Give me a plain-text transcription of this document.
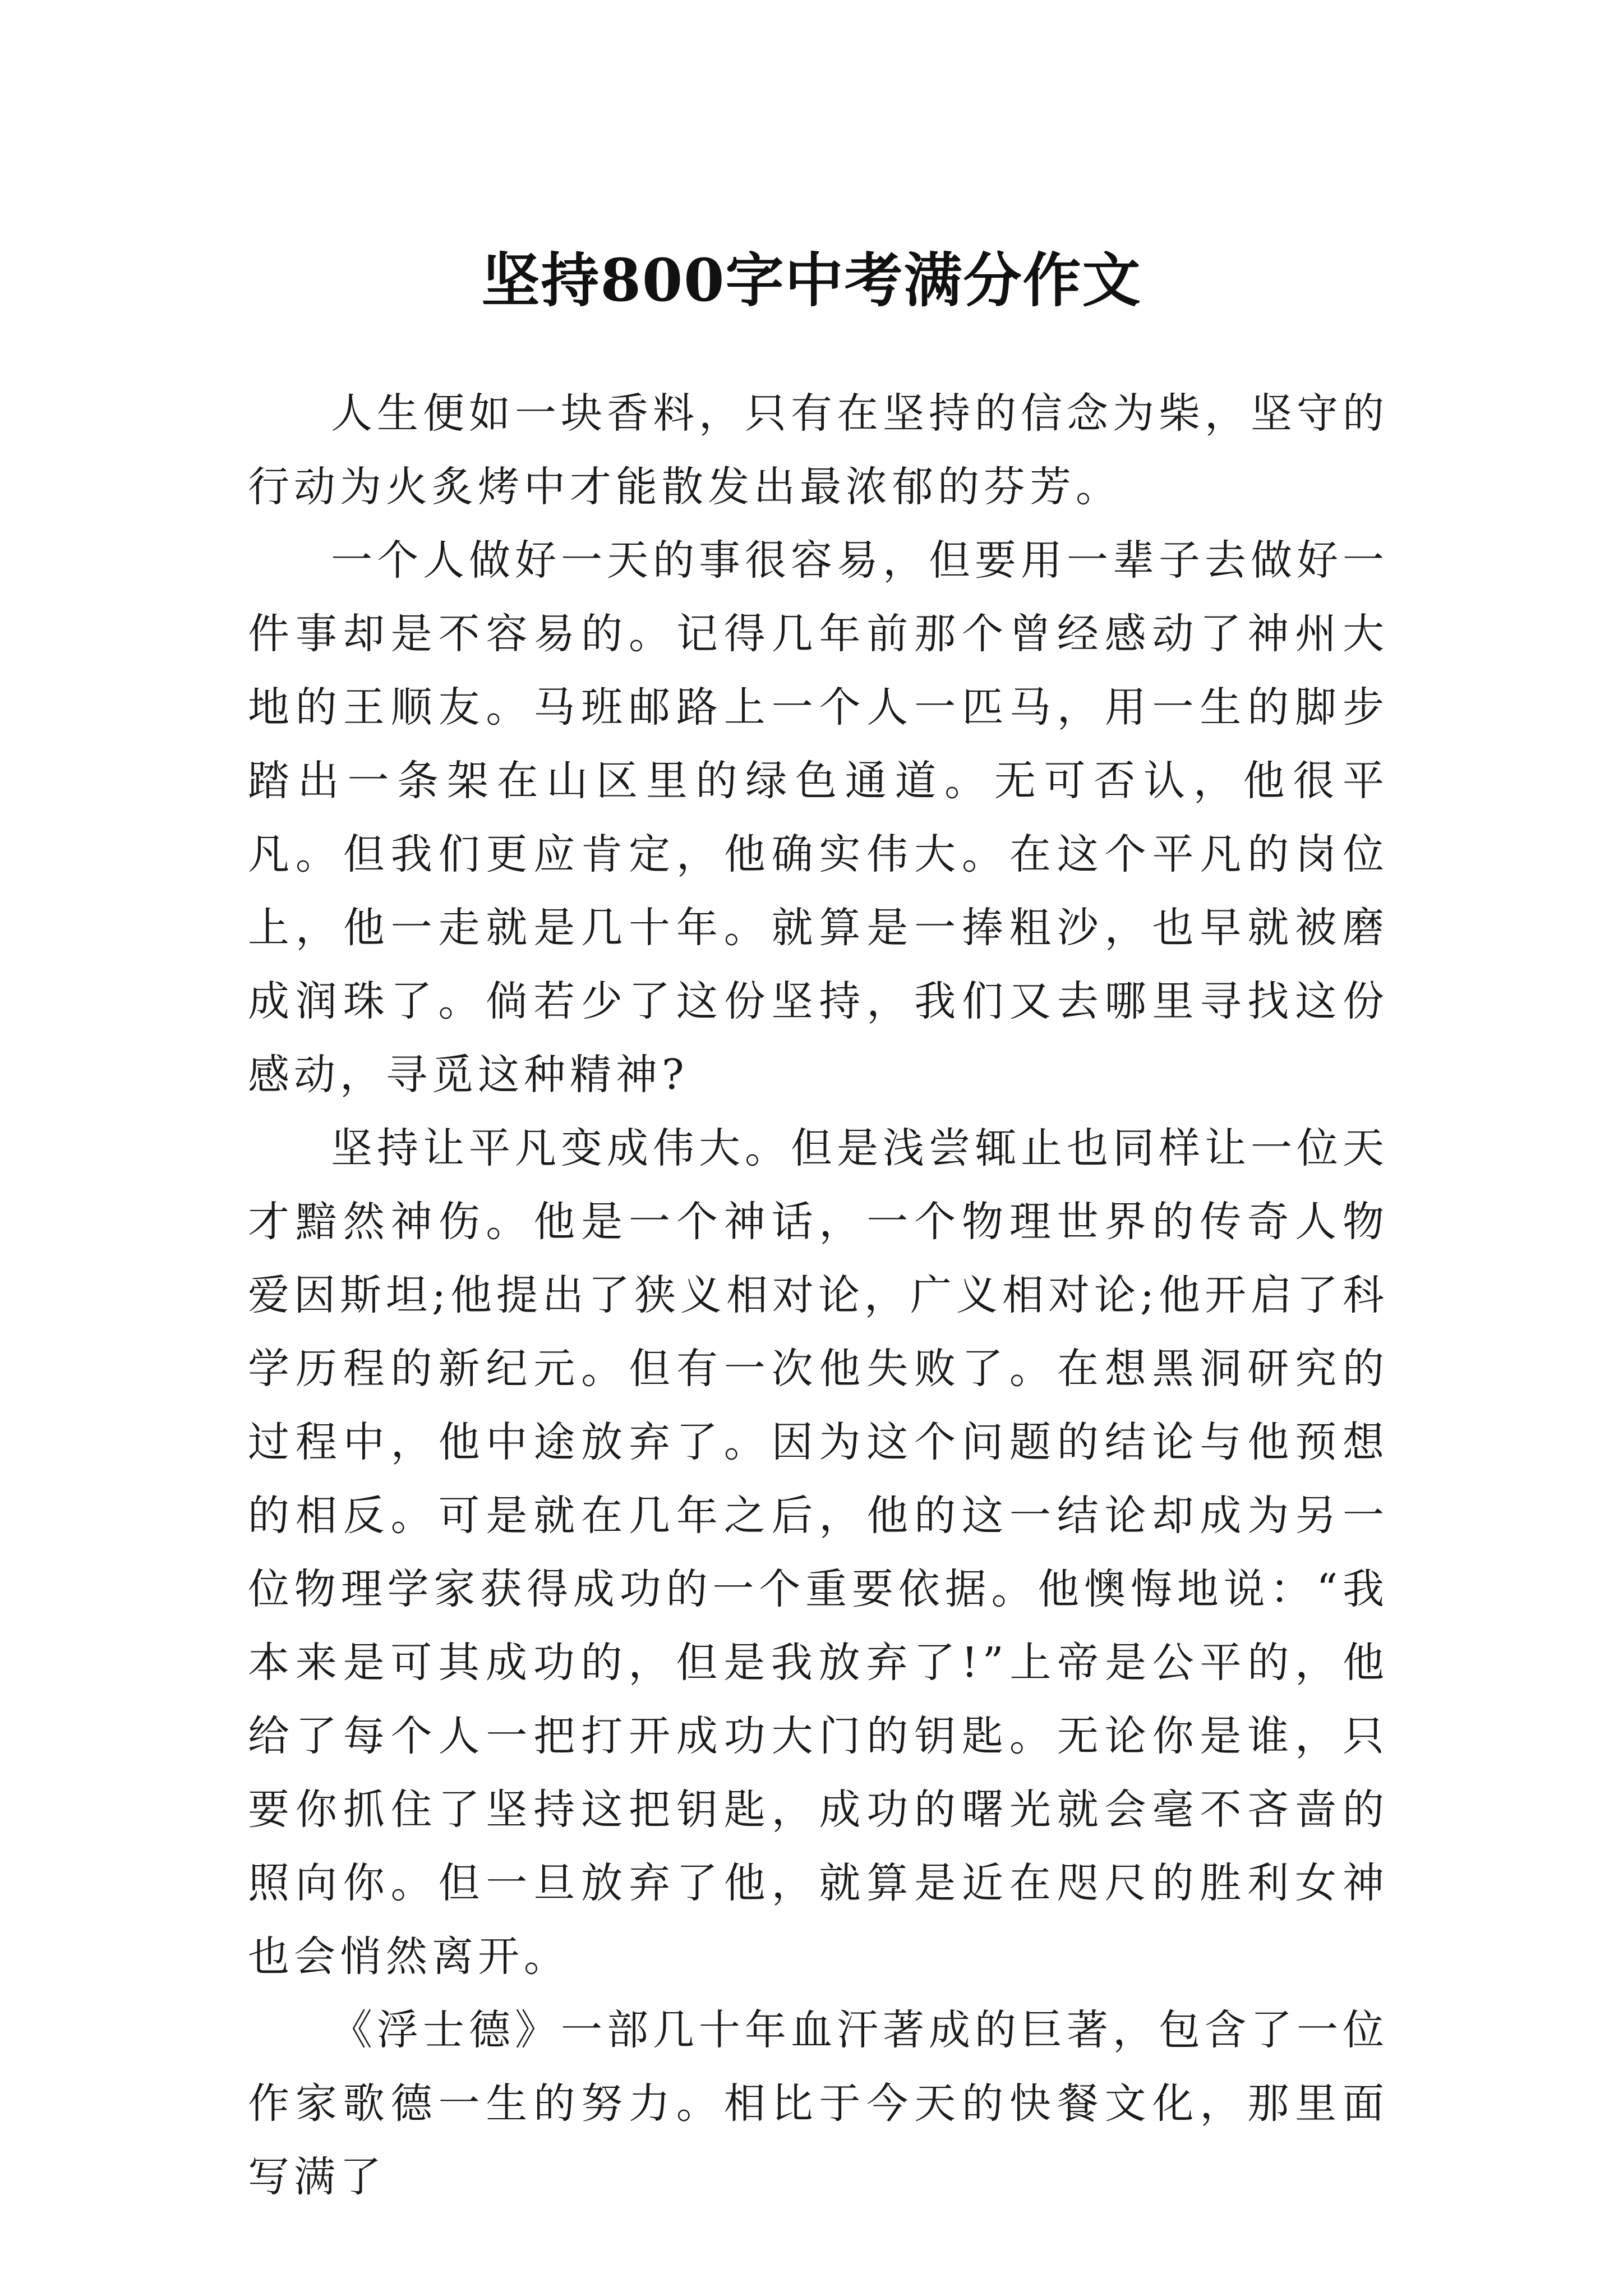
坚持800字中考满分作文

人生便如一块香料，只有在坚持的信念为柴，坚守的行动为火炙烤中才能散发出最浓郁的芬芳。

一个人做好一天的事很容易，但要用一辈子去做好一件事却是不容易的。记得几年前那个曾经感动了神州大地的王顺友。马班邮路上一个人一匹马，用一生的脚步踏出一条架在山区里的绿色通道。无可否认，他很平凡。但我们更应肯定，他确实伟大。在这个平凡的岗位上，他一走就是几十年。就算是一捧粗沙，也早就被磨成润珠了。倘若少了这份坚持，我们又去哪里寻找这份感动，寻觅这种精神?

坚持让平凡变成伟大。但是浅尝辄止也同样让一位天才黯然神伤。他是一个神话，一个物理世界的传奇人物爱因斯坦;他提出了狭义相对论，广义相对论;他开启了科学历程的新纪元。但有一次他失败了。在想黑洞研究的过程中，他中途放弃了。因为这个问题的结论与他预想的相反。可是就在几年之后，他的这一结论却成为另一位物理学家获得成功的一个重要依据。他懊悔地说：“我本来是可其成功的，但是我放弃了!”上帝是公平的，他给了每个人一把打开成功大门的钥匙。无论你是谁，只要你抓住了坚持这把钥匙，成功的曙光就会毫不吝啬的照向你。但一旦放弃了他，就算是近在咫尺的胜利女神也会悄然离开。

《浮士德》一部几十年血汗著成的巨著，包含了一位作家歌德一生的努力。相比于今天的快餐文化，那里面写满了
